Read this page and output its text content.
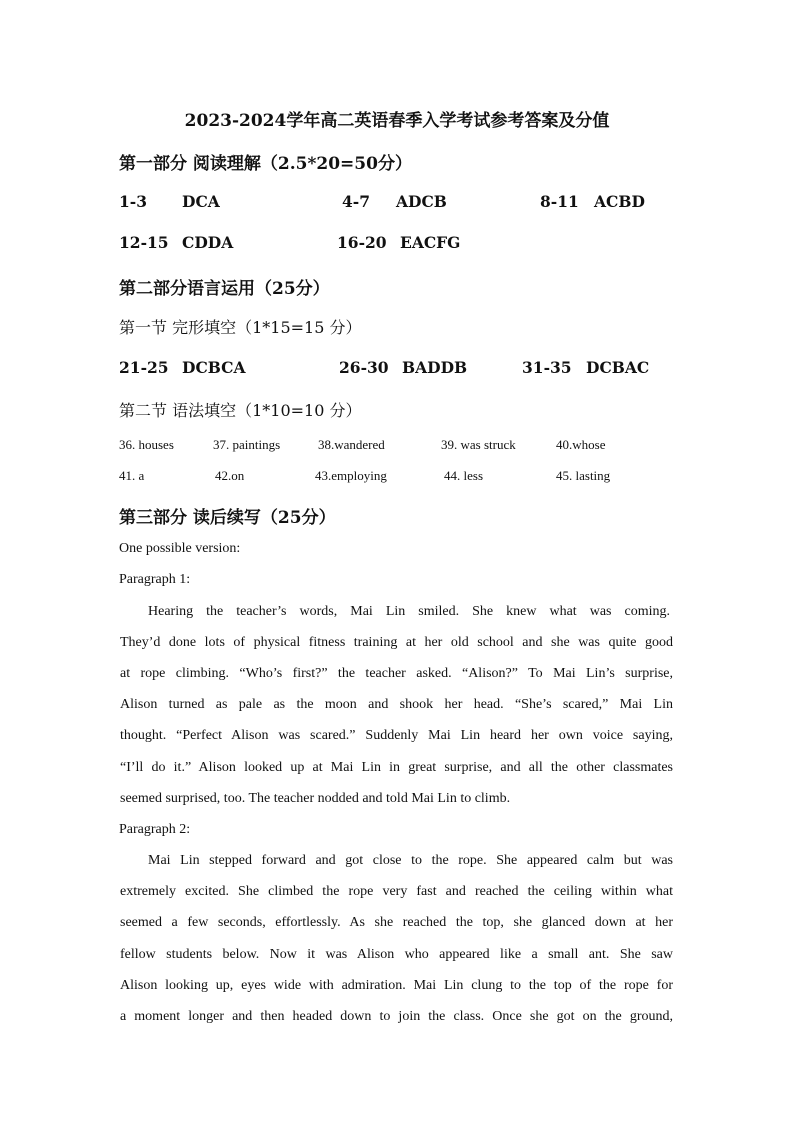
2023-2024学年高二英语春季入学考试参考答案及分值
第一部分 阅读理解（2.5*20=50分）
1-3 DCA	4-7 ADCB	8-11 ACBD
12-15 CDDA	16-20 EACFG
第二部分语言运用（25分）
第一节 完形填空（1*15=15 分）
21-25 DCBCA	26-30 BADDB	31-35 DCBAC
第二节 语法填空（1*10=10 分）
36. houses	37. paintings	38.wandered	39. was struck	40.whose
41. a	42.on	43.employing	44. less	45. lasting
第三部分 读后续写（25分）
One possible version:
Paragraph 1:
Hearing the teacher’s words, Mai Lin smiled. She knew what was coming.
They’d done lots of physical fitness training at her old school and she was quite good
at rope climbing. “Who’s first?” the teacher asked. “Alison?” To Mai Lin’s surprise,
Alison turned as pale as the moon and shook her head. “She’s scared,” Mai Lin
thought. “Perfect Alison was scared.” Suddenly Mai Lin heard her own voice saying,
“I’ll do it.” Alison looked up at Mai Lin in great surprise, and all the other classmates
seemed surprised, too. The teacher nodded and told Mai Lin to climb.
Paragraph 2:
Mai Lin stepped forward and got close to the rope. She appeared calm but was
extremely excited. She climbed the rope very fast and reached the ceiling within what
seemed a few seconds, effortlessly. As she reached the top, she glanced down at her
fellow students below. Now it was Alison who appeared like a small ant. She saw
Alison looking up, eyes wide with admiration. Mai Lin clung to the top of the rope for
a moment longer and then headed down to join the class. Once she got on the ground,
